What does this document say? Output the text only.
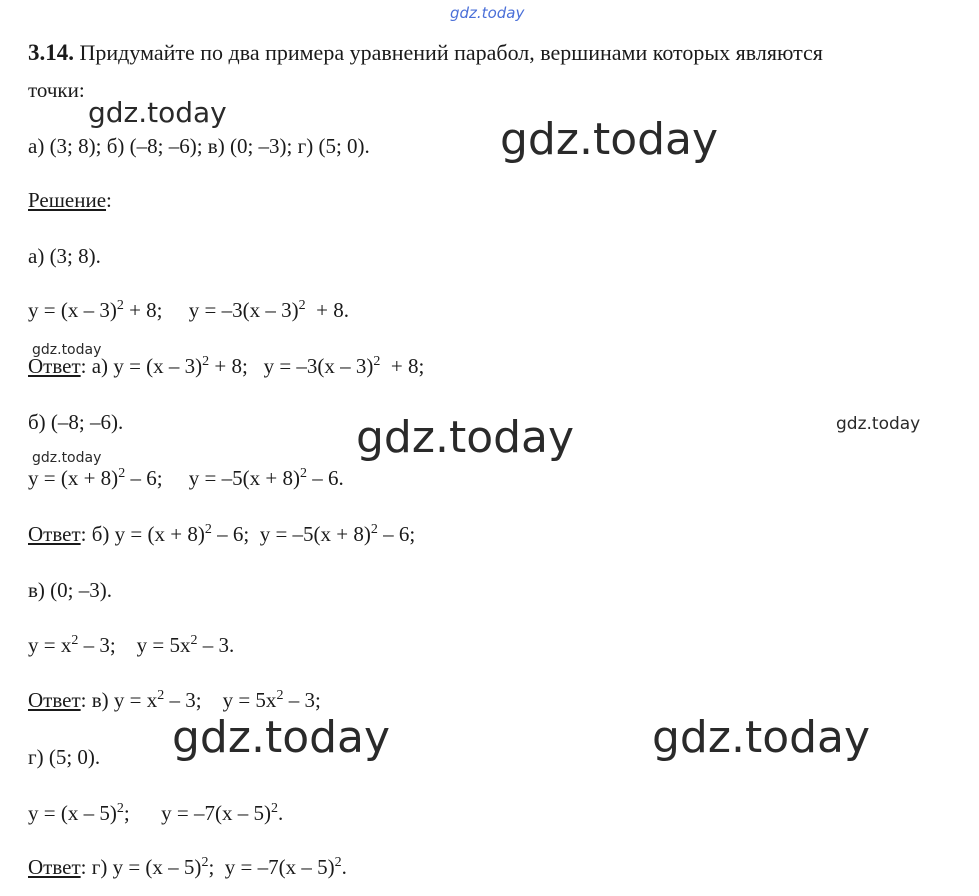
gdz.today
gdz.today
gdz.today
gdz.today
gdz.today	gdz.today
gdz.today
gdz.today	gdz.today
3.14. Придумайте по два примера уравнений парабол, вершинами которых являются
точки:
а) (3; 8); б) (–8; –6); в) (0; –3); г) (5; 0).
Решение:
а) (3; 8).
y = (x – 3)$^2$ + 8;     y = –3(x – 3)$^2$  + 8.
Ответ: а) y = (x – 3)$^2$ + 8;   y = –3(x – 3)$^2$  + 8;
б) (–8; –6).
$y = (x + 8)^2 - 6$;     $y = -5(x + 8)^2 - 6$.
Ответ: б) $y = (x + 8)^2 - 6$;  $y = -5(x + 8)^2 - 6$;
в) (0; –3).
$y = x^2 - 3$;    $y = 5x^2 - 3$.
Ответ: в) $y = x^2 - 3$;    $y = 5x^2 - 3$;
г) (5; 0).
y = (x – 5)$^2$;      y = –7(x – 5)$^2$.
Ответ: г) y = (x – 5)$^2$;  y = –7(x – 5)$^2$.
